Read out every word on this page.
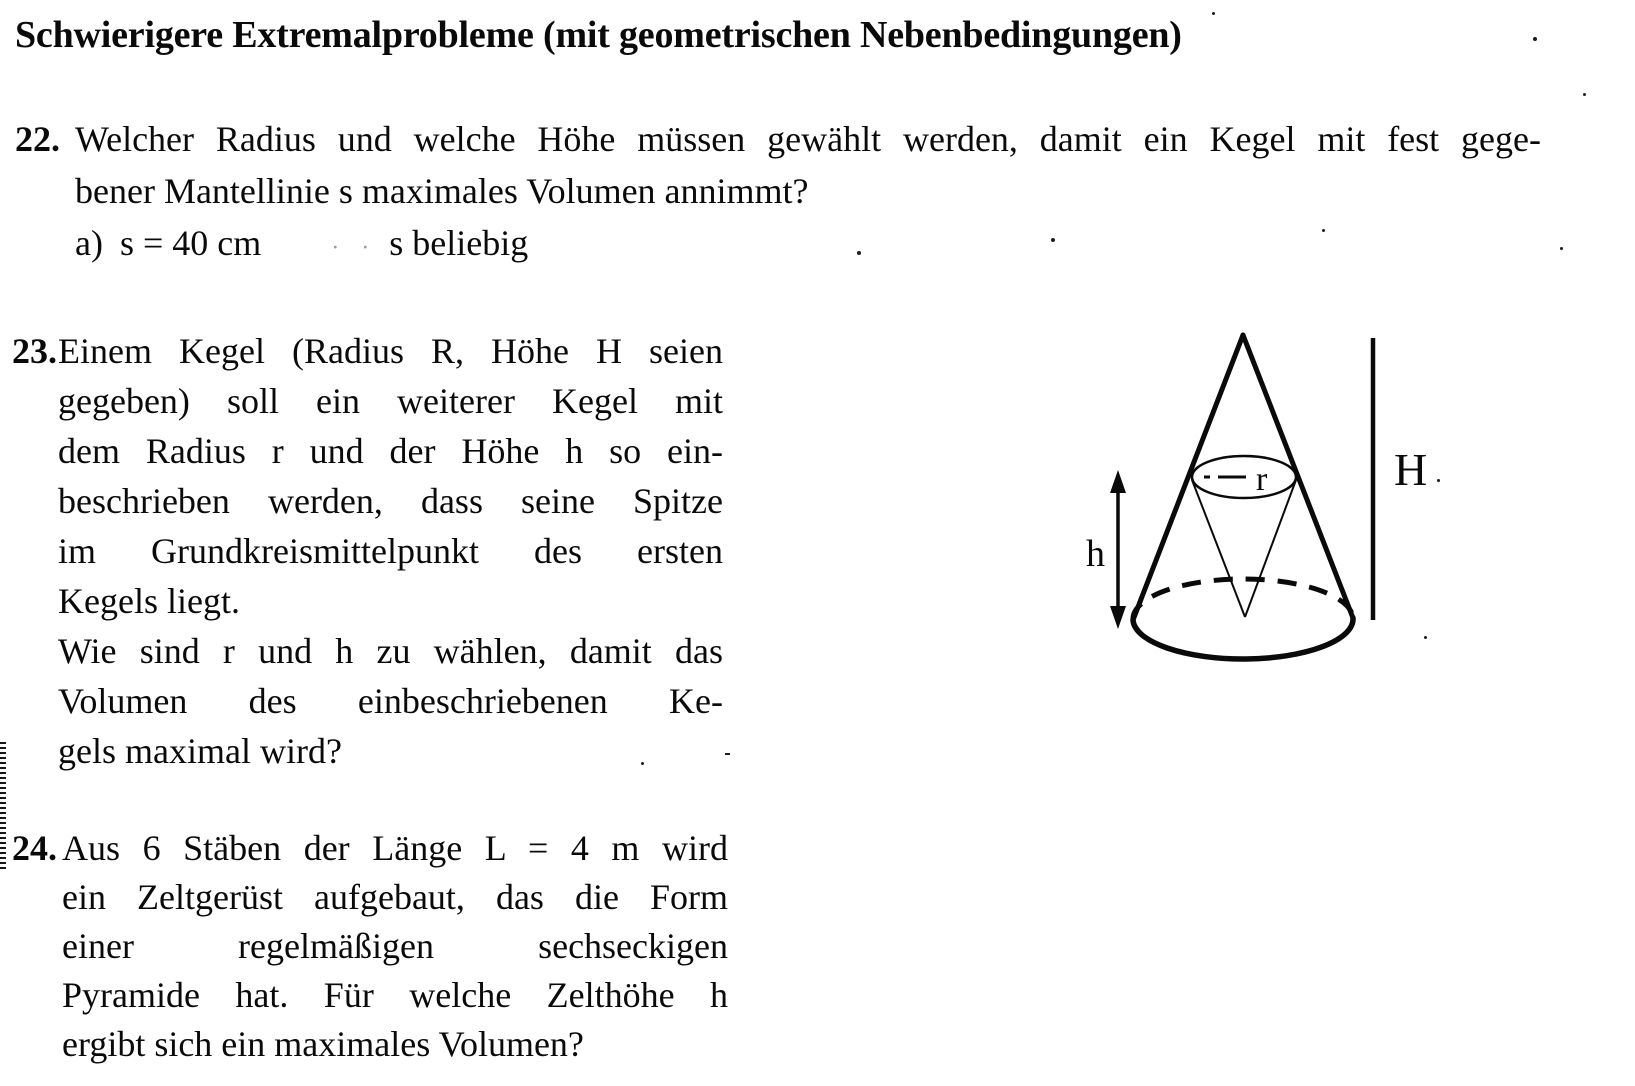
Schwierigere Extremalprobleme (mit geometrischen Nebenbedingungen)
22. Welcher Radius und welche Höhe müssen gewählt werden, damit ein Kegel mit fest gege-
bener Mantellinie s maximales Volumen annimmt?
a) s = 40 cm	· · s beliebig
23. Einem Kegel (Radius R, Höhe H seien
gegeben) soll ein weiterer Kegel mit
dem Radius r und der Höhe h so ein-
beschrieben werden, dass seine Spitze
im Grundkreismittelpunkt des ersten
Kegels liegt.
Wie sind r und h zu wählen, damit das
Volumen des einbeschriebenen Ke-
gels maximal wird?
24. Aus 6 Stäben der Länge L = 4 m wird
ein Zeltgerüst aufgebaut, das die Form
einer regelmäßigen sechseckigen
Pyramide hat. Für welche Zelthöhe h
ergibt sich ein maximales Volumen?
r
h
H
